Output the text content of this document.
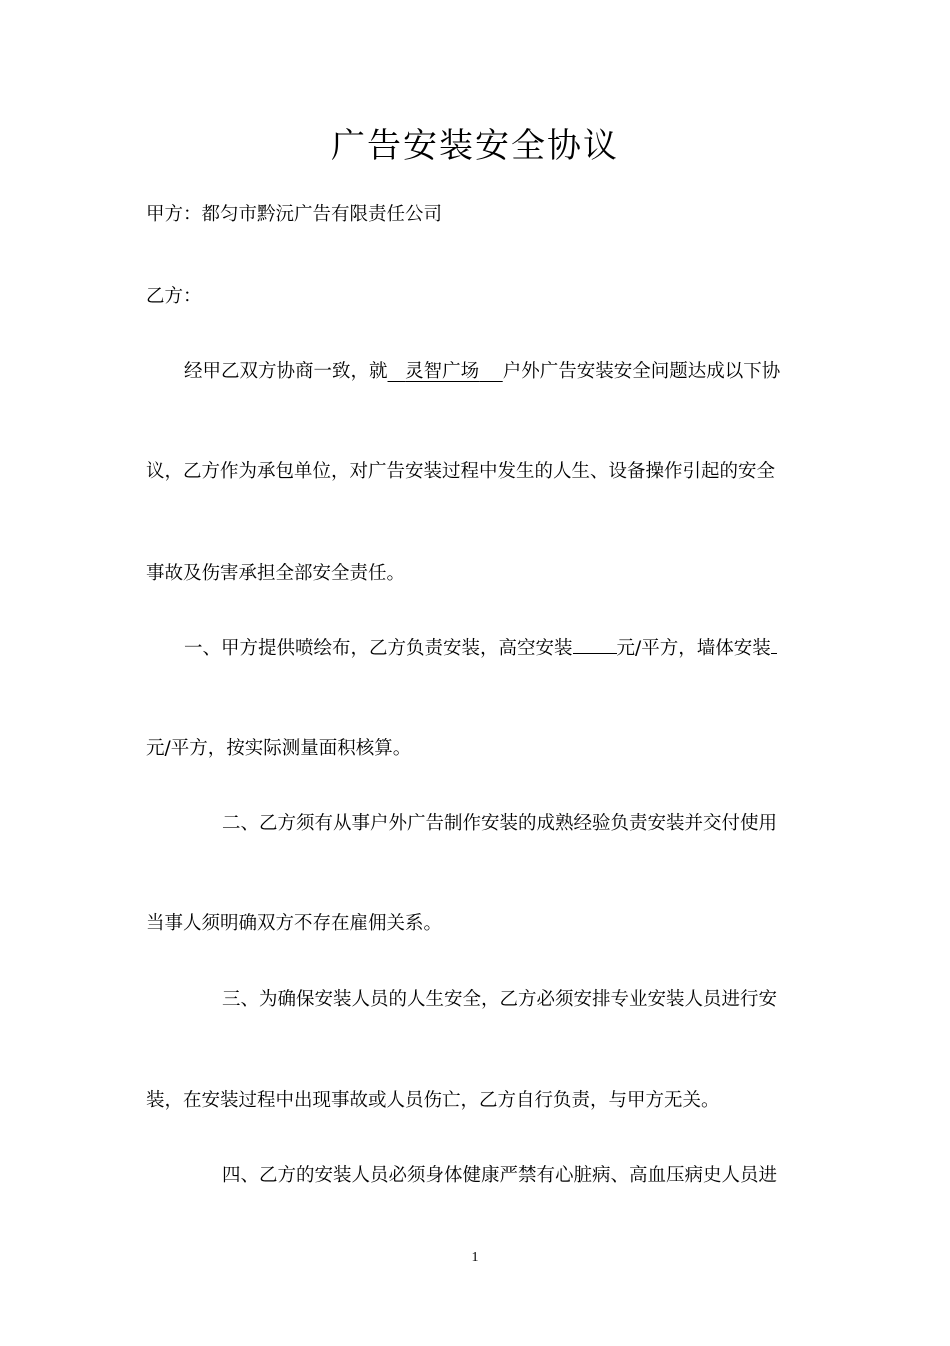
广告安装安全协议
甲方：都匀市黔沅广告有限责任公司
乙方：
经甲乙双方协商一致，就 灵智广场 户外广告安装安全问题达成以下协
议，乙方作为承包单位，对广告安装过程中发生的人生、设备操作引起的安全
事故及伤害承担全部安全责任。
一、甲方提供喷绘布，乙方负责安装，高空安装 元/平方，墙体安装
元/平方，按实际测量面积核算。
二、乙方须有从事户外广告制作安装的成熟经验负责安装并交付使用
当事人须明确双方不存在雇佣关系。
三、为确保安装人员的人生安全，乙方必须安排专业安装人员进行安
装，在安装过程中出现事故或人员伤亡，乙方自行负责，与甲方无关。
四、乙方的安装人员必须身体健康严禁有心脏病、高血压病史人员进
1
